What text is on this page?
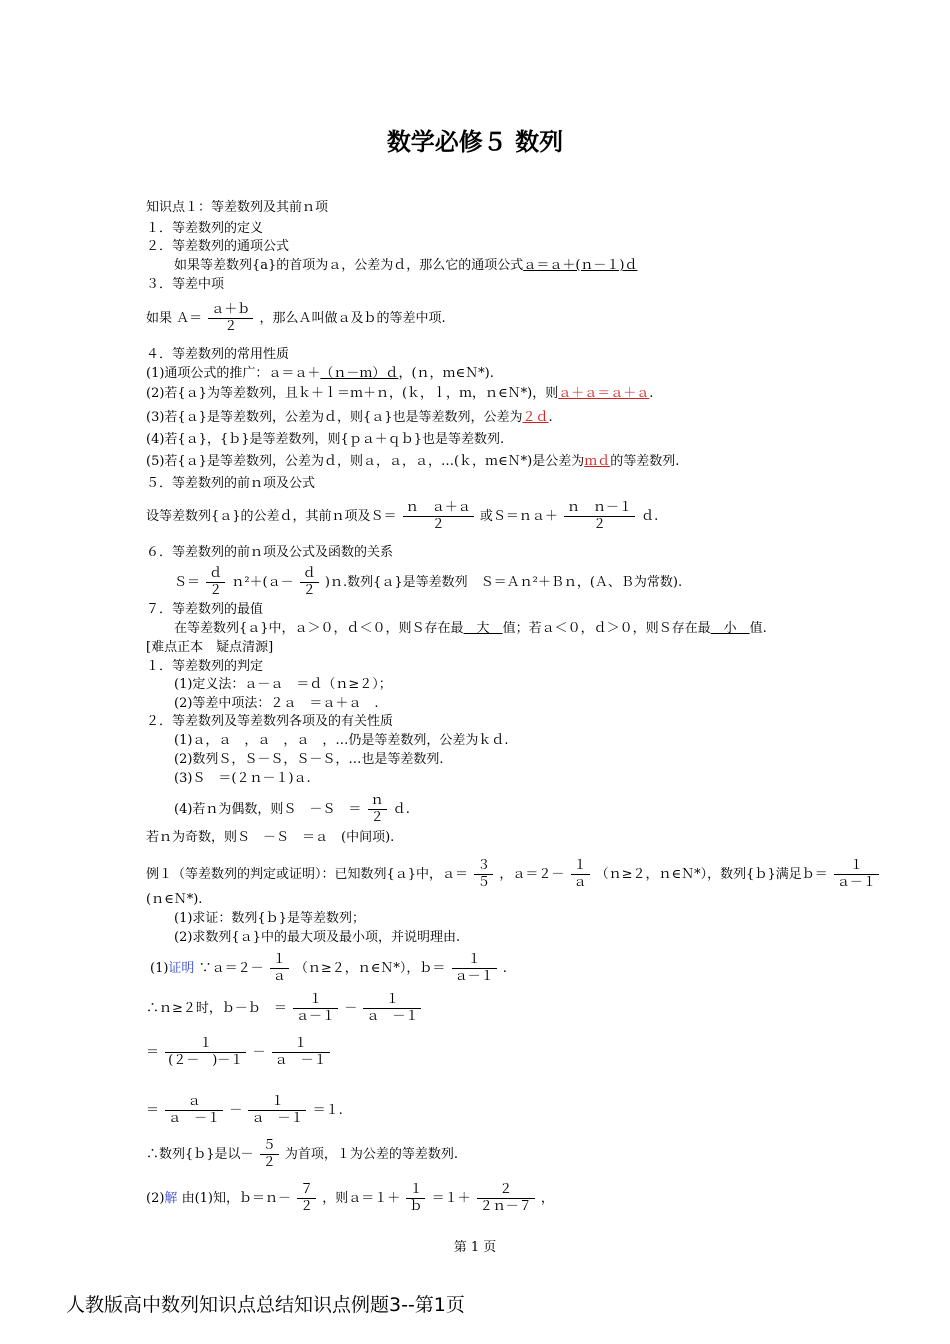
数学必修５ 数列
知识点１：等差数列及其前ｎ项
１．等差数列的定义
２．等差数列的通项公式
如果等差数列{a}的首项为ａ，公差为ｄ，那么它的通项公式ａ＝ａ＋(ｎ－１)ｄ
３．等差中项
如果 Ａ＝ $\frac{\text{ａ＋ｂ}}{2}$ ，那么Ａ叫做ａ及ｂ的等差中项.
４．等差数列的常用性质
(1)通项公式的推广：ａ＝ａ＋（ｎ－ｍ）ｄ，(ｎ，ｍ∈Ｎ*).
(2)若{ａ}为等差数列，且ｋ＋ｌ＝ｍ＋ｎ，(ｋ，ｌ，ｍ，ｎ∈Ｎ*)，则ａ＋ａ＝ａ＋ａ.
(3)若{ａ}是等差数列，公差为ｄ，则{ａ}也是等差数列，公差为２ｄ.
(4)若{ａ}，{ｂ}是等差数列，则{ｐａ＋ｑｂ}也是等差数列.
(5)若{ａ}是等差数列，公差为ｄ，则ａ，ａ，ａ，…(ｋ，ｍ∈Ｎ*)是公差为ｍｄ的等差数列.
５．等差数列的前ｎ项及公式
设等差数列{ａ}的公差ｄ，其前ｎ项及Ｓ＝ $\frac{\text{ｎ　ａ＋ａ}}{2}$ 或Ｓ＝ｎａ＋ $\frac{\text{ｎ　ｎ－１}}{2}$ ｄ.
６．等差数列的前ｎ项及公式及函数的关系
Ｓ＝ $\frac{\text{ｄ}}{2}$ ｎ²＋(ａ－ $\frac{\text{ｄ}}{2}$ )ｎ.数列{ａ}是等差数列　Ｓ＝Ａｎ²＋Ｂｎ，(Ａ、Ｂ为常数).
７．等差数列的最值
在等差数列{ａ}中，ａ＞０，ｄ＜０，则Ｓ存在最　大　值；若ａ＜０，ｄ＞０，则Ｓ存在最　小　值.
[难点正本　疑点清源]
１．等差数列的判定
(1)定义法：ａ－ａ　＝ｄ（ｎ≥２）；
(2)等差中项法：２ａ　＝ａ＋ａ　.
２．等差数列及等差数列各项及的有关性质
(1)ａ，ａ　，ａ　，ａ　，…仍是等差数列，公差为ｋｄ.
(2)数列Ｓ，Ｓ－Ｓ，Ｓ－Ｓ，…也是等差数列.
(3)Ｓ　＝(２ｎ－１)ａ.
(4)若ｎ为偶数，则Ｓ　－Ｓ　＝ $\frac{\text{ｎ}}{2}$ ｄ.
若ｎ为奇数，则Ｓ　－Ｓ　＝ａ　(中间项).
例１（等差数列的判定或证明）：已知数列{ａ}中，ａ＝ $\frac{3}{5}$ ，ａ＝２－ $\frac{1}{\text{ａ}}$ （ｎ≥２，ｎ∈Ｎ*），数列{ｂ}满足ｂ＝ $\frac{1}{\text{ａ－１}}$
(ｎ∈Ｎ*).
(1)求证：数列{ｂ}是等差数列；
(2)求数列{ａ}中的最大项及最小项，并说明理由.
(1)证明 ∵ａ＝２－ $\frac{1}{\text{ａ}}$ （ｎ≥２，ｎ∈Ｎ*），ｂ＝ $\frac{1}{\text{ａ－１}}$ .
∴ｎ≥２时，ｂ－ｂ　＝ $\frac{1}{\text{ａ－１}} - \frac{1}{\text{ａ　－１}}$
＝ $\frac{1}{(2- )-1} - \frac{1}{\text{ａ　－１}}$
＝ $\frac{\text{ａ}}{\text{ａ　－１}} - \frac{1}{\text{ａ　－１}} =1$.
∴数列{ｂ}是以－ $\frac{5}{2}$ 为首项，１为公差的等差数列.
(2)解 由(1)知，ｂ＝ｎ－ $\frac{7}{2}$ ，则ａ＝１＋ $\frac{1}{\text{ｂ}} =1+ \frac{2}{\text{２ｎ－７}}$ ，
第 1 页
人教版高中数列知识点总结知识点例题3--第1页
